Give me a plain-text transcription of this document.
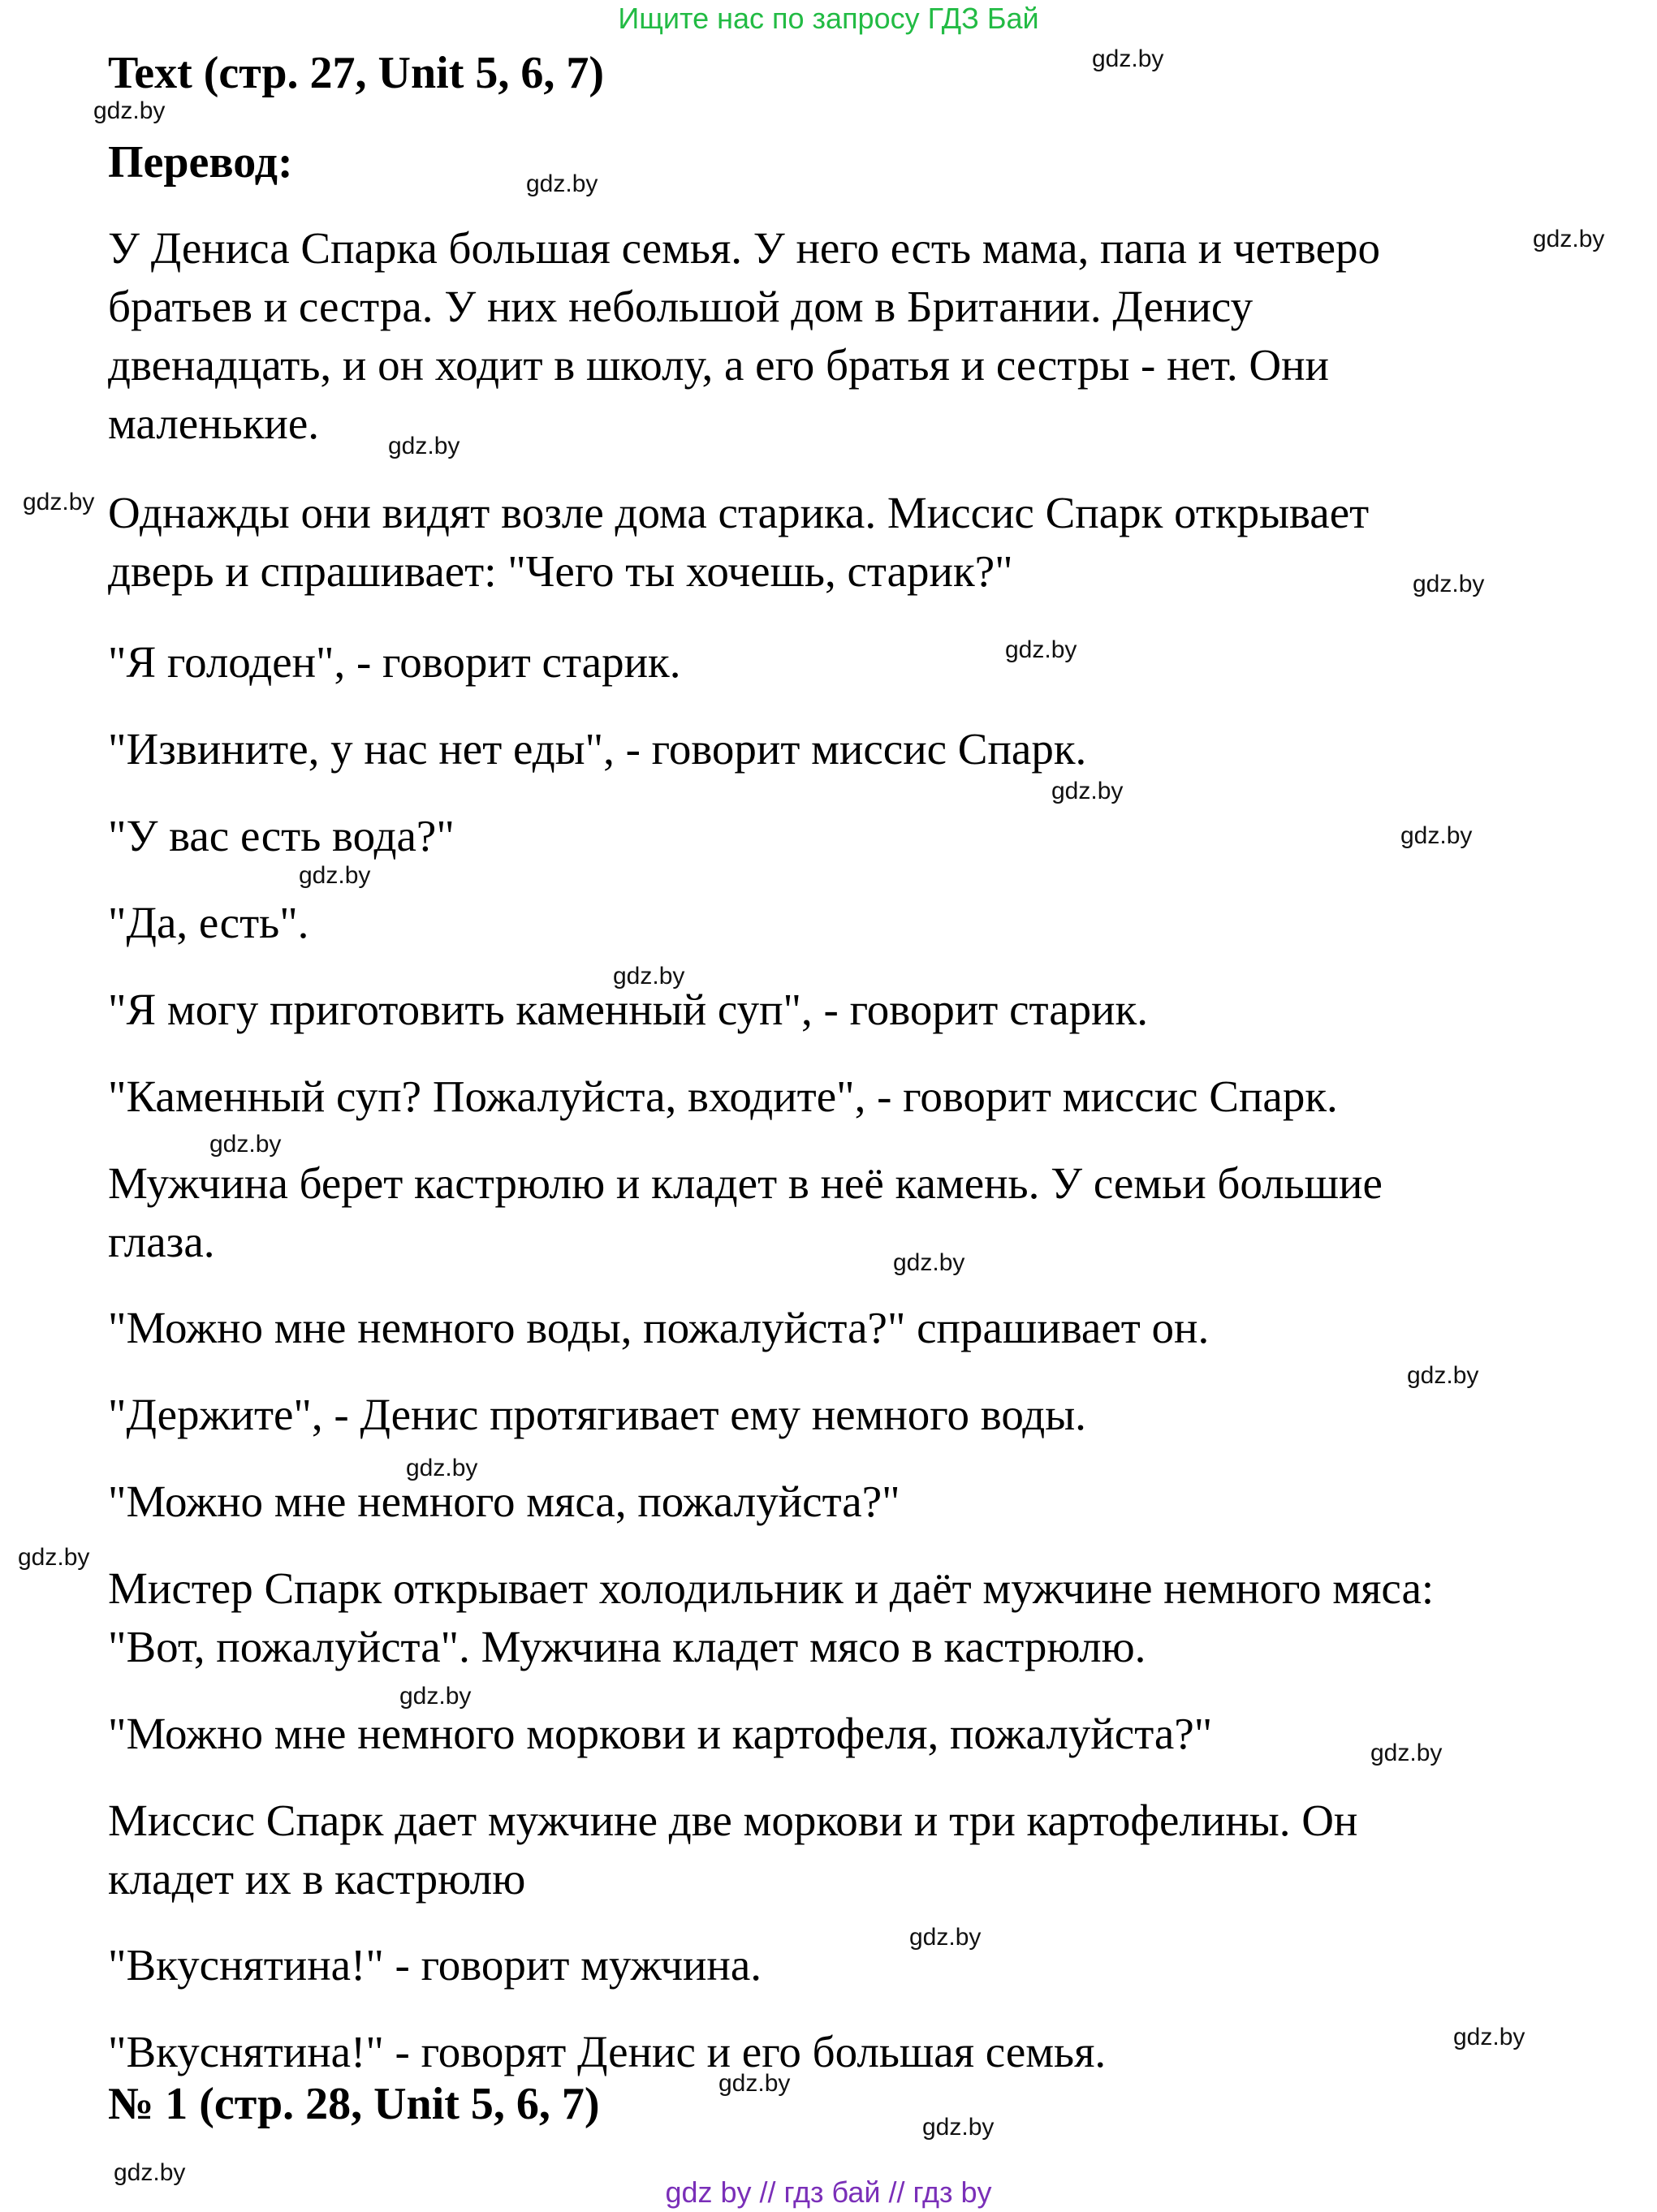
Ищите нас по запросу ГДЗ Бай
Text (стр. 27, Unit 5, 6, 7)
Перевод:
У Дениса Спарка большая семья. У него есть мама, папа и четверо
братьев и сестра. У них небольшой дом в Британии. Денису
двенадцать, и он ходит в школу, а его братья и сестры - нет. Они
маленькие.
Однажды они видят возле дома старика. Миссис Спарк открывает
дверь и спрашивает: "Чего ты хочешь, старик?"
"Я голоден", - говорит старик.
"Извините, у нас нет еды", - говорит миссис Спарк.
"У вас есть вода?"
"Да, есть".
"Я могу приготовить каменный суп", - говорит старик.
"Каменный суп? Пожалуйста, входите", - говорит миссис Спарк.
Мужчина берет кастрюлю и кладет в неё камень. У семьи большие
глаза.
"Можно мне немного воды, пожалуйста?" спрашивает он.
"Держите", - Денис протягивает ему немного воды.
"Можно мне немного мяса, пожалуйста?"
Мистер Спарк открывает холодильник и даёт мужчине немного мяса:
"Вот, пожалуйста". Мужчина кладет мясо в кастрюлю.
"Можно мне немного моркови и картофеля, пожалуйста?"
Миссис Спарк дает мужчине две моркови и три картофелины. Он
кладет их в кастрюлю
"Вкуснятина!" - говорит мужчина.
"Вкуснятина!" - говорят Денис и его большая семья.
№ 1 (стр. 28, Unit 5, 6, 7)
gdz.by
gdz.by
gdz.by
gdz.by
gdz.by
gdz.by
gdz.by
gdz.by
gdz.by
gdz.by
gdz.by
gdz.by
gdz.by
gdz.by
gdz.by
gdz.by
gdz.by
gdz.by
gdz.by
gdz.by
gdz.by
gdz.by
gdz.by
gdz.by
gdz by // гдз бай // гдз by
